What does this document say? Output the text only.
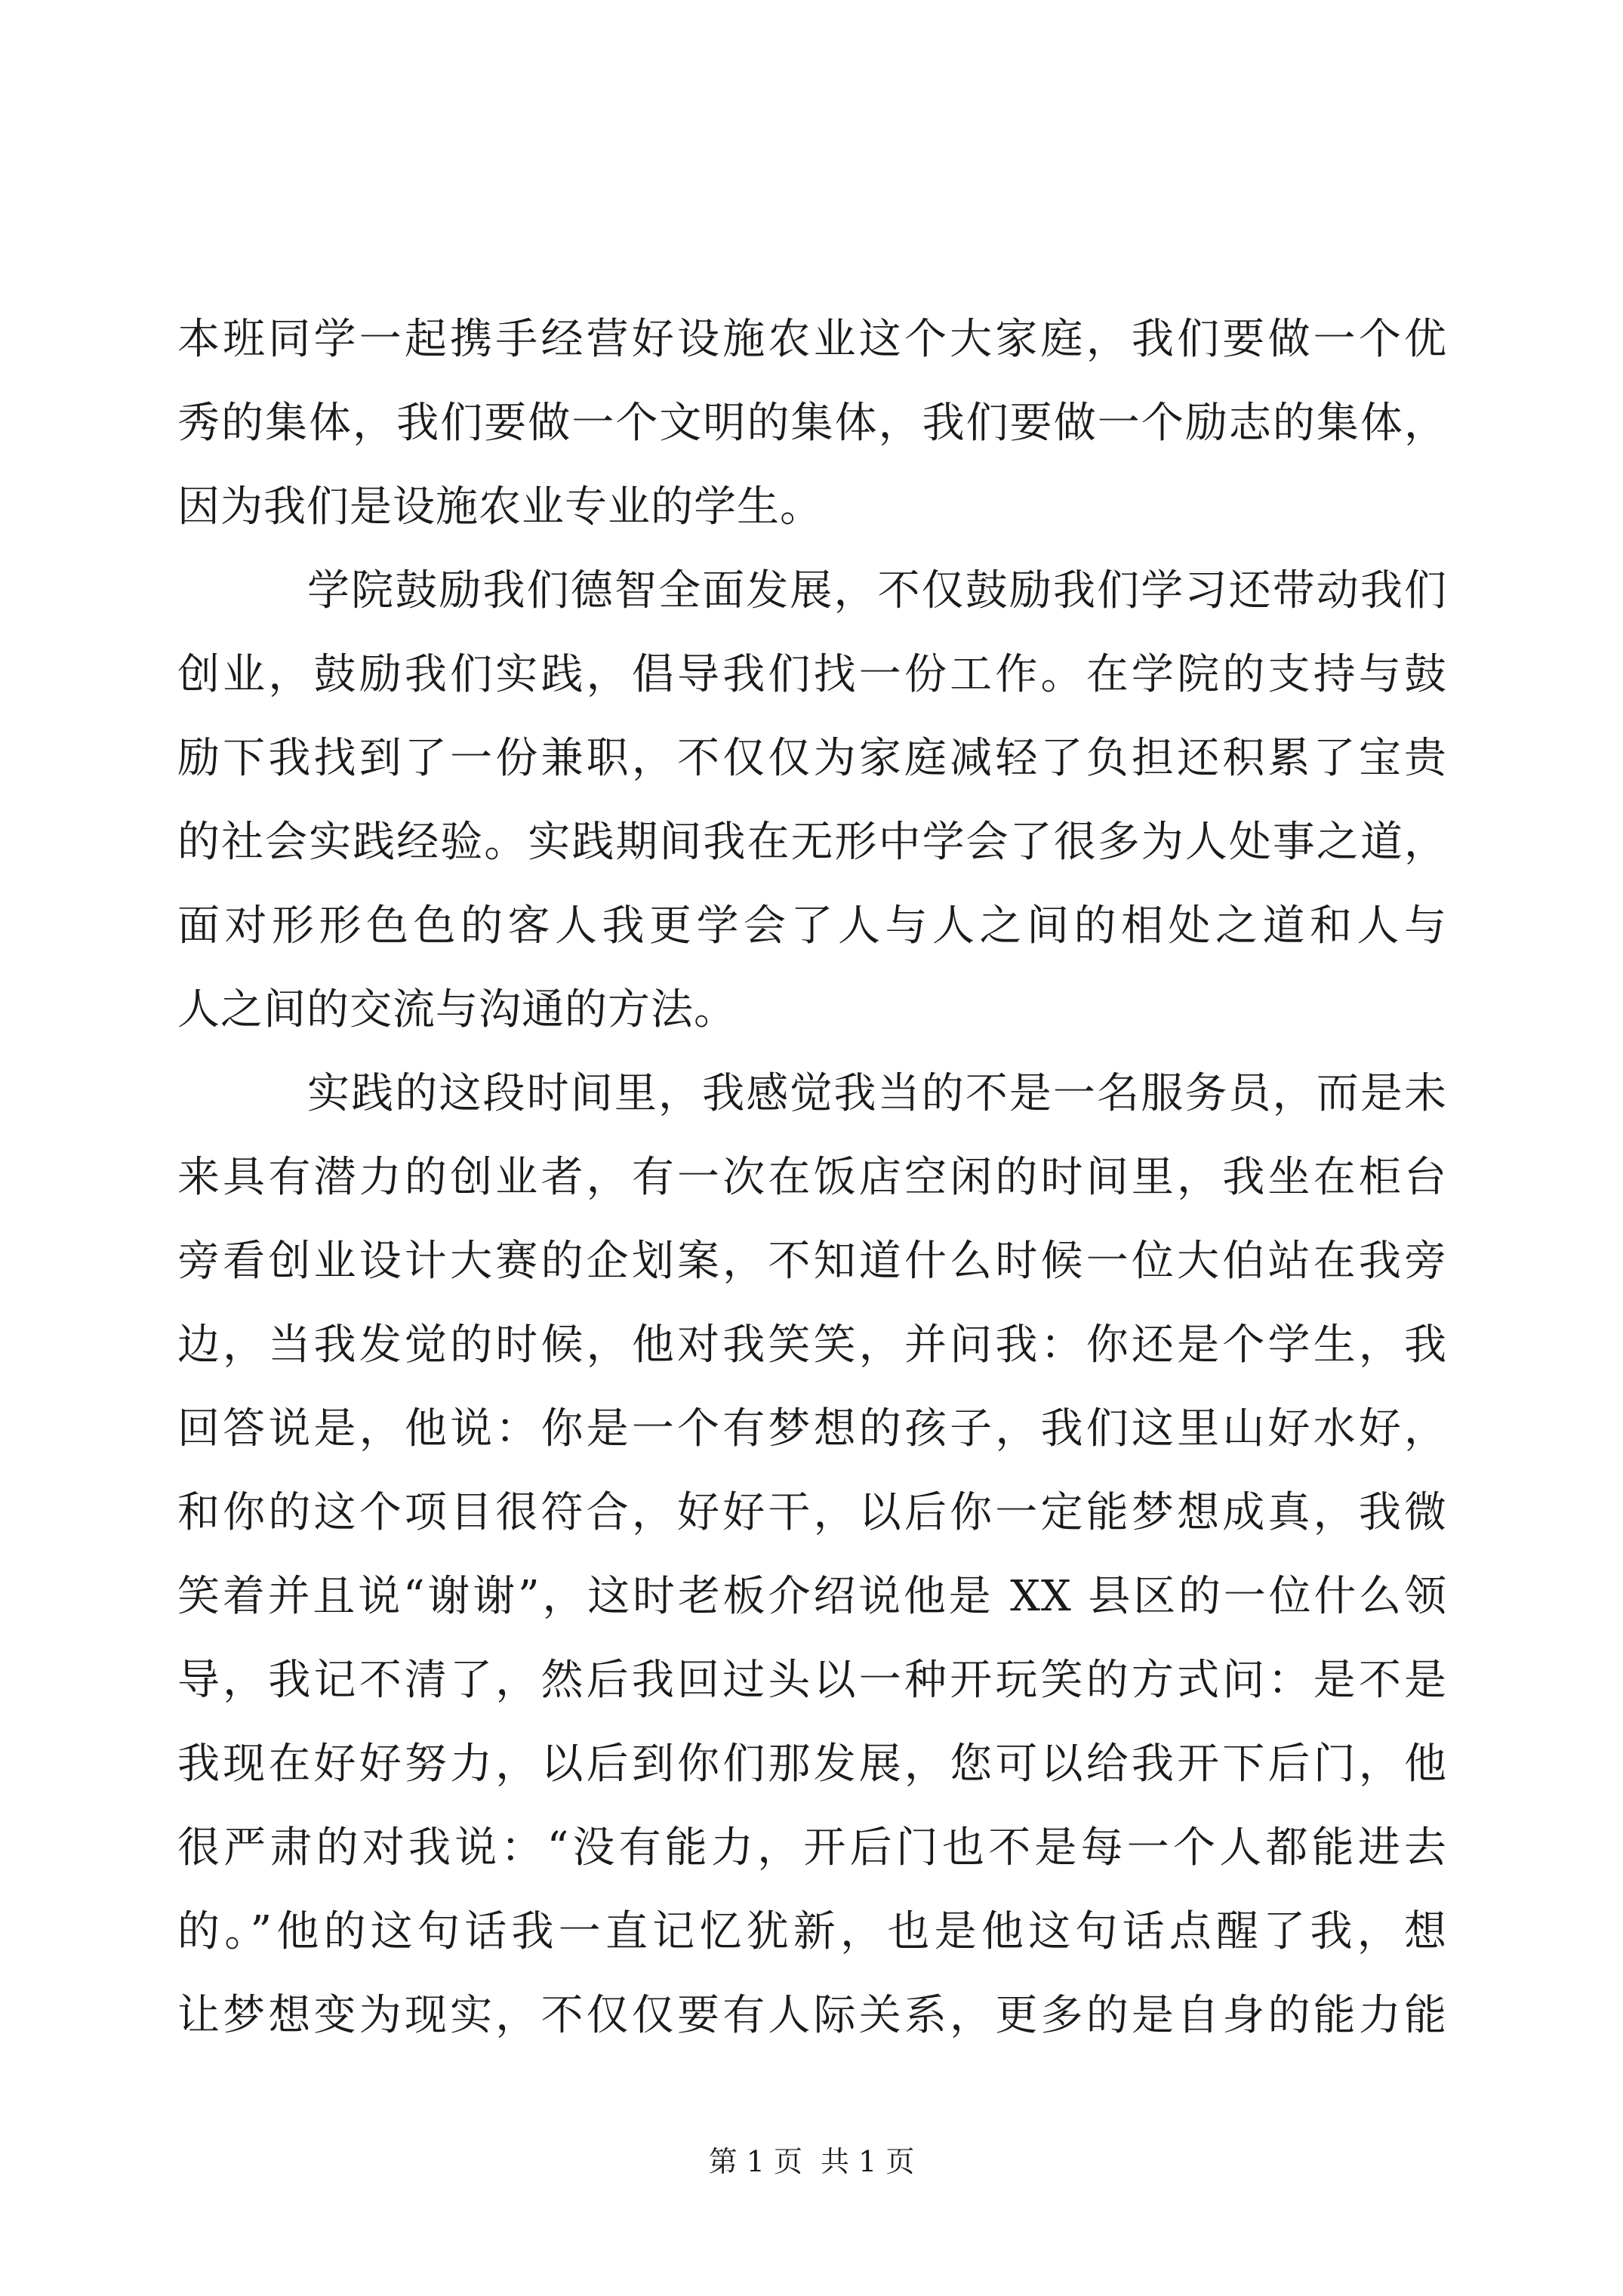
本班同学一起携手经营好设施农业这个大家庭，我们要做一个优
秀的集体，我们要做一个文明的集体，我们要做一个励志的集体，
因为我们是设施农业专业的学生。
学院鼓励我们德智全面发展，不仅鼓励我们学习还带动我们
创业，鼓励我们实践，倡导我们找一份工作。在学院的支持与鼓
励下我找到了一份兼职，不仅仅为家庭减轻了负担还积累了宝贵
的社会实践经验。实践期间我在无形中学会了很多为人处事之道，
面对形形色色的客人我更学会了人与人之间的相处之道和人与
人之间的交流与沟通的方法。
实践的这段时间里，我感觉我当的不是一名服务员，而是未
来具有潜力的创业者，有一次在饭店空闲的时间里，我坐在柜台
旁看创业设计大赛的企划案，不知道什么时候一位大伯站在我旁
边，当我发觉的时候，他对我笑笑，并问我：你还是个学生，我
回答说是，他说：你是一个有梦想的孩子，我们这里山好水好，
和你的这个项目很符合，好好干，以后你一定能梦想成真，我微
笑着并且说“谢谢”，这时老板介绍说他是 XX 县区的一位什么领
导，我记不清了，然后我回过头以一种开玩笑的方式问：是不是
我现在好好努力，以后到你们那发展，您可以给我开下后门，他
很严肃的对我说：“没有能力，开后门也不是每一个人都能进去
的。”他的这句话我一直记忆犹新，也是他这句话点醒了我，想
让梦想变为现实，不仅仅要有人际关系，更多的是自身的能力能
第 1 页 共 1 页
